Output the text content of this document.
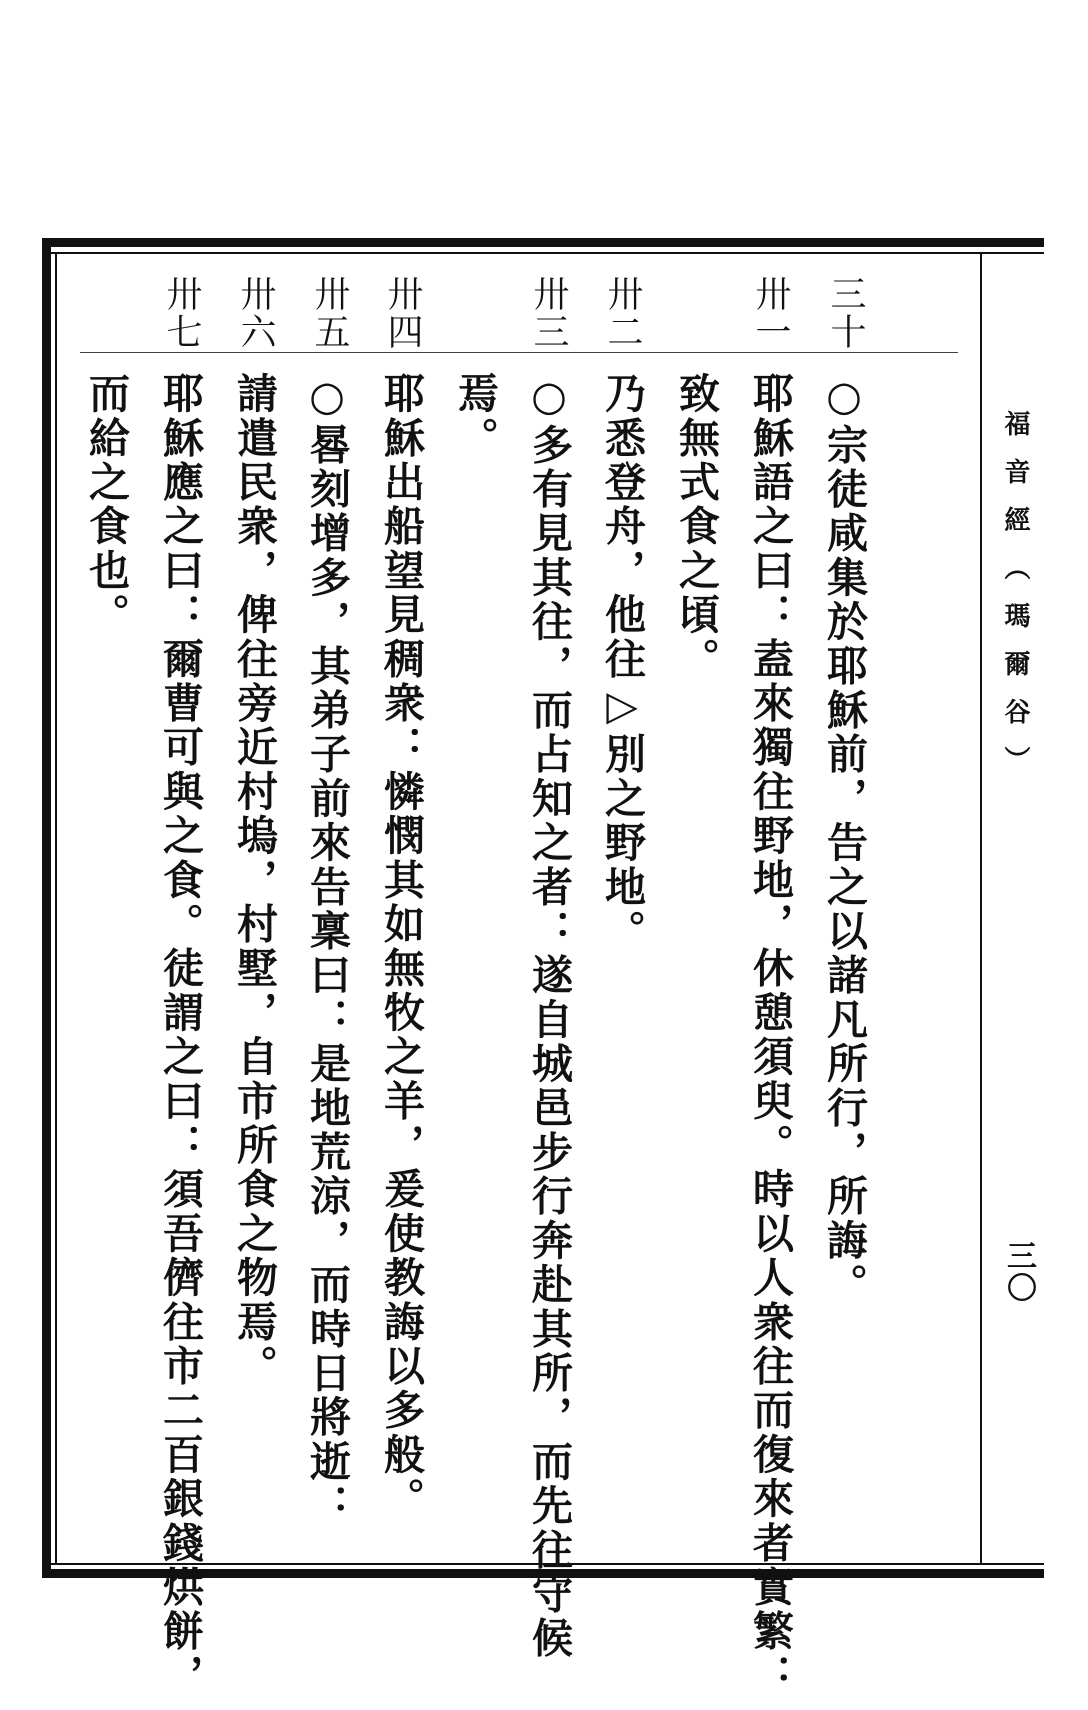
福音經（瑪爾谷）
三〇
三十
卅一
卅二
卅三
卅四
卅五
卅六
卅七
○宗徒咸集於耶穌前，告之以諸凡所行，所誨。
耶穌語之曰：盍來獨往野地，休憩須臾。時以人衆往而復來者實繁：
致無式食之頃。
乃悉登舟，他往▷別之野地。
○多有見其往，而占知之者：遂自城邑步行奔赴其所，而先往守候
焉。
耶穌出船望見稠衆：憐憫其如無牧之羊，爰使教誨以多般。
○晷刻增多，其弟子前來告稟曰：是地荒涼，而時日將逝：
請遣民衆，俾往旁近村塢，村墅，自市所食之物焉。
耶穌應之曰：爾曹可與之食。徒謂之曰：須吾儕往市二百銀錢烘餅，
而給之食也。
